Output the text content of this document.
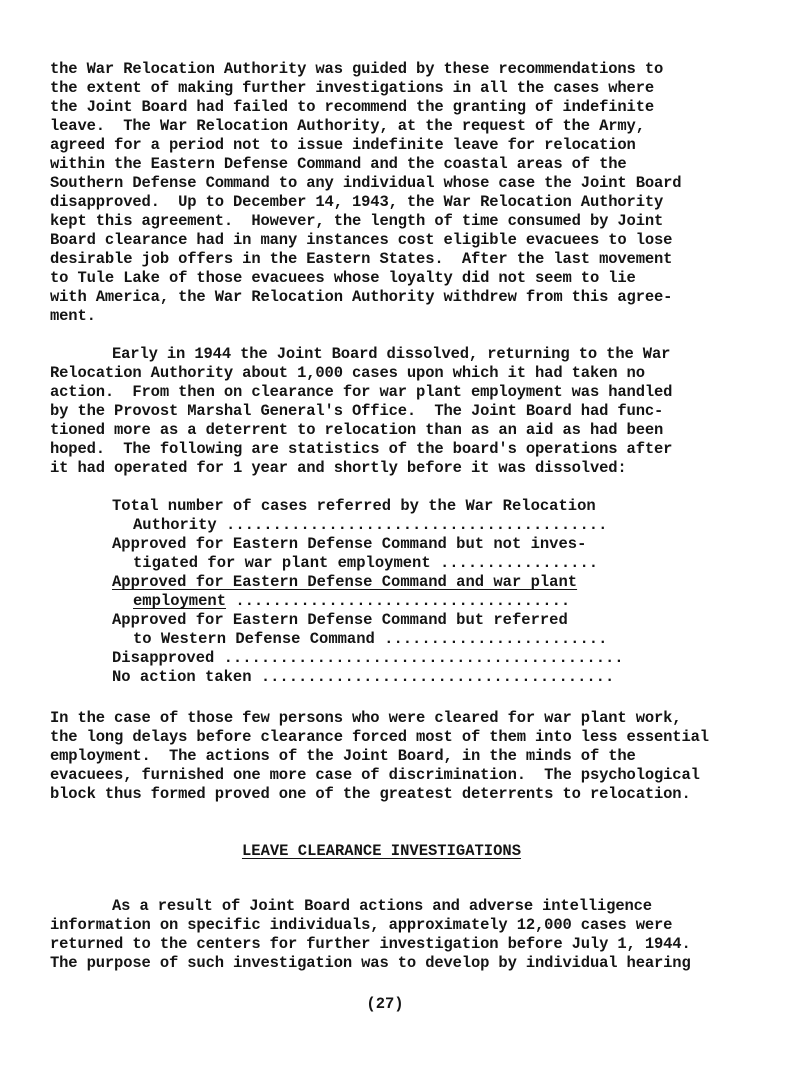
the War Relocation Authority was guided by these recommendations to
the extent of making further investigations in all the cases where
the Joint Board had failed to recommend the granting of indefinite
leave.  The War Relocation Authority, at the request of the Army,
agreed for a period not to issue indefinite leave for relocation
within the Eastern Defense Command and the coastal areas of the
Southern Defense Command to any individual whose case the Joint Board
disapproved.  Up to December 14, 1943, the War Relocation Authority
kept this agreement.  However, the length of time consumed by Joint
Board clearance had in many instances cost eligible evacuees to lose
desirable job offers in the Eastern States.  After the last movement
to Tule Lake of those evacuees whose loyalty did not seem to lie
with America, the War Relocation Authority withdrew from this agree-
ment.
Early in 1944 the Joint Board dissolved, returning to the War
Relocation Authority about 1,000 cases upon which it had taken no
action.  From then on clearance for war plant employment was handled
by the Provost Marshal General's Office.  The Joint Board had func-
tioned more as a deterrent to relocation than as an aid as had been
hoped.  The following are statistics of the board's operations after
it had operated for 1 year and shortly before it was dissolved:
Total number of cases referred by the War Relocation
Authority .........................................
Approved for Eastern Defense Command but not inves-
tigated for war plant employment .................
Approved for Eastern Defense Command and war plant
employment ....................................
Approved for Eastern Defense Command but referred
to Western Defense Command ........................
Disapproved ...........................................
No action taken ......................................
In the case of those few persons who were cleared for war plant work,
the long delays before clearance forced most of them into less essential
employment.  The actions of the Joint Board, in the minds of the
evacuees, furnished one more case of discrimination.  The psychological
block thus formed proved one of the greatest deterrents to relocation.
LEAVE CLEARANCE INVESTIGATIONS
As a result of Joint Board actions and adverse intelligence
information on specific individuals, approximately 12,000 cases were
returned to the centers for further investigation before July 1, 1944.
The purpose of such investigation was to develop by individual hearing
(27)
